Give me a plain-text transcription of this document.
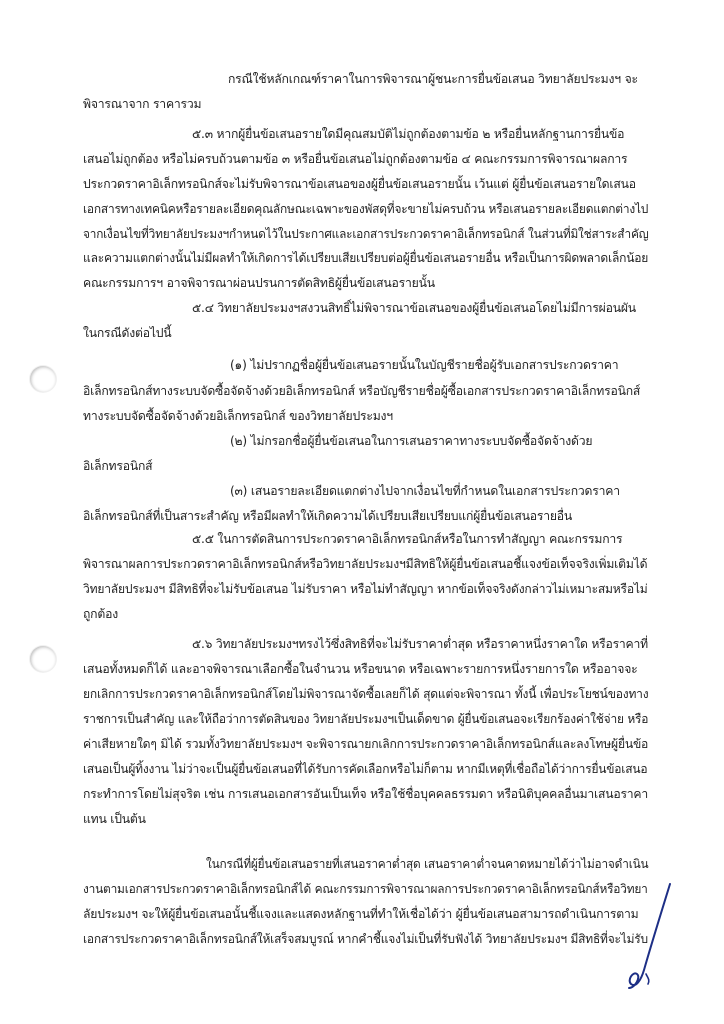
กรณีใช้หลักเกณฑ์ราคาในการพิจารณาผู้ชนะการยื่นข้อเสนอ วิทยาลัยประมงฯ จะ
พิจารณาจาก ราคารวม
๕.๓ หากผู้ยื่นข้อเสนอรายใดมีคุณสมบัติไม่ถูกต้องตามข้อ ๒ หรือยื่นหลักฐานการยื่นข้อ
เสนอไม่ถูกต้อง หรือไม่ครบถ้วนตามข้อ ๓ หรือยื่นข้อเสนอไม่ถูกต้องตามข้อ ๔ คณะกรรมการพิจารณาผลการ
ประกวดราคาอิเล็กทรอนิกส์จะไม่รับพิจารณาข้อเสนอของผู้ยื่นข้อเสนอรายนั้น เว้นแต่ ผู้ยื่นข้อเสนอรายใดเสนอ
เอกสารทางเทคนิคหรือรายละเอียดคุณลักษณะเฉพาะของพัสดุที่จะขายไม่ครบถ้วน หรือเสนอรายละเอียดแตกต่างไป
จากเงื่อนไขที่วิทยาลัยประมงฯกำหนดไว้ในประกาศและเอกสารประกวดราคาอิเล็กทรอนิกส์ ในส่วนที่มิใช่สาระสำคัญ
และความแตกต่างนั้นไม่มีผลทำให้เกิดการได้เปรียบเสียเปรียบต่อผู้ยื่นข้อเสนอรายอื่น หรือเป็นการผิดพลาดเล็กน้อย
คณะกรรมการฯ อาจพิจารณาผ่อนปรนการตัดสิทธิผู้ยื่นข้อเสนอรายนั้น
๕.๔ วิทยาลัยประมงฯสงวนสิทธิ์ไม่พิจารณาข้อเสนอของผู้ยื่นข้อเสนอโดยไม่มีการผ่อนผัน
ในกรณีดังต่อไปนี้
(๑) ไม่ปรากฏชื่อผู้ยื่นข้อเสนอรายนั้นในบัญชีรายชื่อผู้รับเอกสารประกวดราคา
อิเล็กทรอนิกส์ทางระบบจัดซื้อจัดจ้างด้วยอิเล็กทรอนิกส์ หรือบัญชีรายชื่อผู้ซื้อเอกสารประกวดราคาอิเล็กทรอนิกส์
ทางระบบจัดซื้อจัดจ้างด้วยอิเล็กทรอนิกส์ ของวิทยาลัยประมงฯ
(๒) ไม่กรอกชื่อผู้ยื่นข้อเสนอในการเสนอราคาทางระบบจัดซื้อจัดจ้างด้วย
อิเล็กทรอนิกส์
(๓) เสนอรายละเอียดแตกต่างไปจากเงื่อนไขที่กำหนดในเอกสารประกวดราคา
อิเล็กทรอนิกส์ที่เป็นสาระสำคัญ หรือมีผลทำให้เกิดความได้เปรียบเสียเปรียบแก่ผู้ยื่นข้อเสนอรายอื่น
๕.๕ ในการตัดสินการประกวดราคาอิเล็กทรอนิกส์หรือในการทำสัญญา คณะกรรมการ
พิจารณาผลการประกวดราคาอิเล็กทรอนิกส์หรือวิทยาลัยประมงฯมีสิทธิให้ผู้ยื่นข้อเสนอชี้แจงข้อเท็จจริงเพิ่มเติมได้
วิทยาลัยประมงฯ มีสิทธิที่จะไม่รับข้อเสนอ ไม่รับราคา หรือไม่ทำสัญญา หากข้อเท็จจริงดังกล่าวไม่เหมาะสมหรือไม่
ถูกต้อง
๕.๖ วิทยาลัยประมงฯทรงไว้ซึ่งสิทธิที่จะไม่รับราคาต่ำสุด หรือราคาหนึ่งราคาใด หรือราคาที่
เสนอทั้งหมดก็ได้ และอาจพิจารณาเลือกซื้อในจำนวน หรือขนาด หรือเฉพาะรายการหนึ่งรายการใด หรืออาจจะ
ยกเลิกการประกวดราคาอิเล็กทรอนิกส์โดยไม่พิจารณาจัดซื้อเลยก็ได้ สุดแต่จะพิจารณา ทั้งนี้ เพื่อประโยชน์ของทาง
ราชการเป็นสำคัญ และให้ถือว่าการตัดสินของ วิทยาลัยประมงฯเป็นเด็ดขาด ผู้ยื่นข้อเสนอจะเรียกร้องค่าใช้จ่าย หรือ
ค่าเสียหายใดๆ มิได้ รวมทั้งวิทยาลัยประมงฯ จะพิจารณายกเลิกการประกวดราคาอิเล็กทรอนิกส์และลงโทษผู้ยื่นข้อ
เสนอเป็นผู้ทิ้งงาน ไม่ว่าจะเป็นผู้ยื่นข้อเสนอที่ได้รับการคัดเลือกหรือไม่ก็ตาม หากมีเหตุที่เชื่อถือได้ว่าการยื่นข้อเสนอ
กระทำการโดยไม่สุจริต เช่น การเสนอเอกสารอันเป็นเท็จ หรือใช้ชื่อบุคคลธรรมดา หรือนิติบุคคลอื่นมาเสนอราคา
แทน เป็นต้น
ในกรณีที่ผู้ยื่นข้อเสนอรายที่เสนอราคาต่ำสุด เสนอราคาต่ำจนคาดหมายได้ว่าไม่อาจดำเนิน
งานตามเอกสารประกวดราคาอิเล็กทรอนิกส์ได้ คณะกรรมการพิจารณาผลการประกวดราคาอิเล็กทรอนิกส์หรือวิทยา
ลัยประมงฯ จะให้ผู้ยื่นข้อเสนอนั้นชี้แจงและแสดงหลักฐานที่ทำให้เชื่อได้ว่า ผู้ยื่นข้อเสนอสามารถดำเนินการตาม
เอกสารประกวดราคาอิเล็กทรอนิกส์ให้เสร็จสมบูรณ์ หากคำชี้แจงไม่เป็นที่รับฟังได้ วิทยาลัยประมงฯ มีสิทธิที่จะไม่รับ
